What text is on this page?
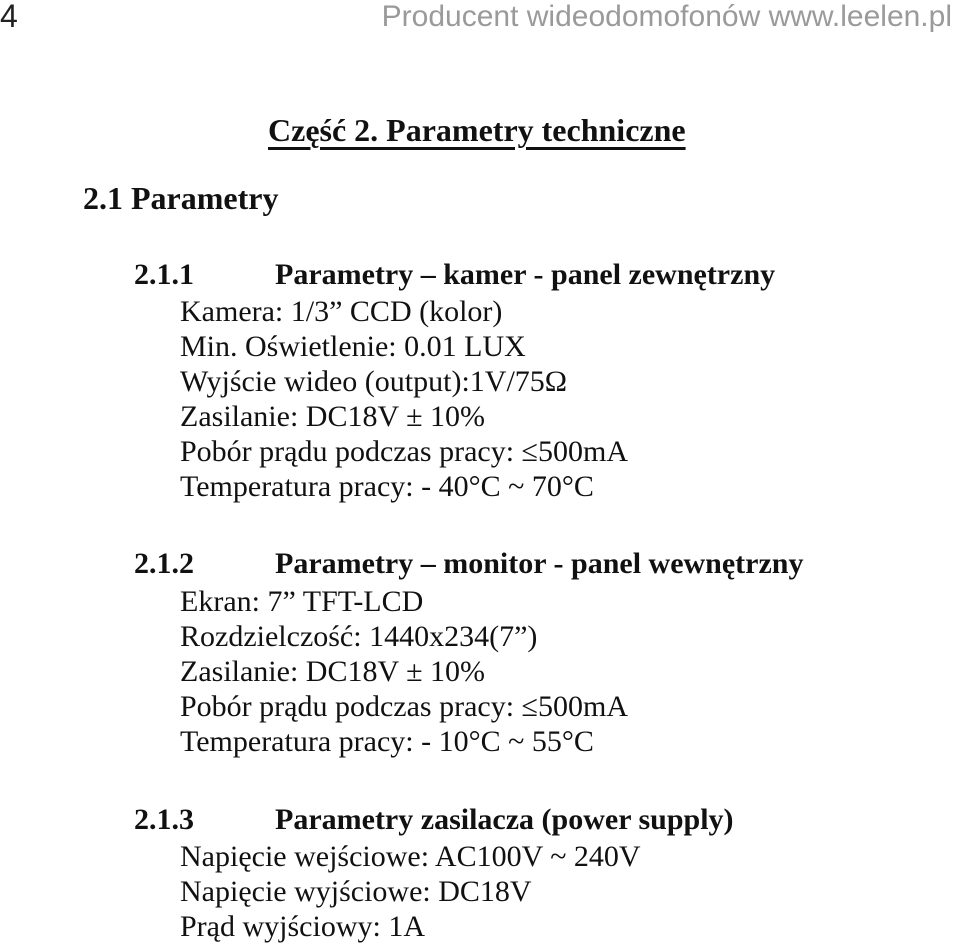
4	Producent wideodomofonów www.leelen.pl
Część 2. Parametry techniczne
2.1 Parametry
2.1.1	Parametry – kamer - panel zewnętrzny
Kamera: 1/3” CCD (kolor)
Min. Oświetlenie: 0.01 LUX
Wyjście wideo (output):1V/75Ω
Zasilanie: DC18V ± 10%
Pobór prądu podczas pracy: ≤500mA
Temperatura pracy: - 40°C ~ 70°C
2.1.2	Parametry – monitor - panel wewnętrzny
Ekran: 7” TFT-LCD
Rozdzielczość: 1440x234(7”)
Zasilanie: DC18V ± 10%
Pobór prądu podczas pracy: ≤500mA
Temperatura pracy: - 10°C ~ 55°C
2.1.3	Parametry zasilacza (power supply)
Napięcie wejściowe: AC100V ~ 240V
Napięcie wyjściowe: DC18V
Prąd wyjściowy: 1A
